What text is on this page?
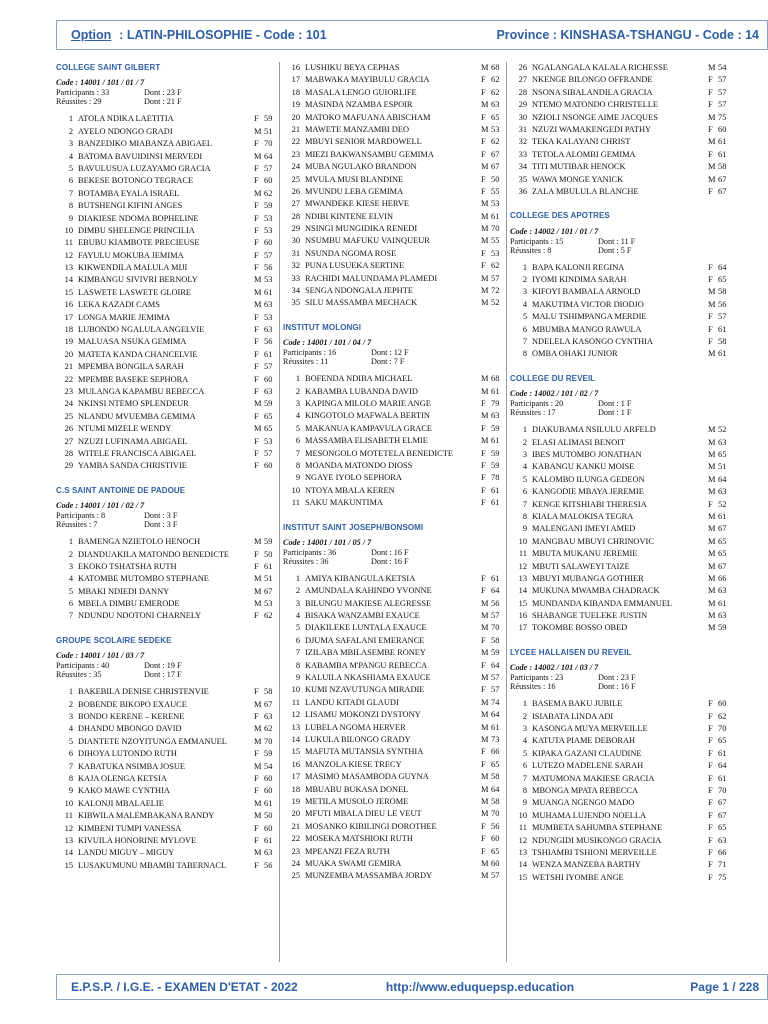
Option : LATIN-PHILOSOPHIE - Code : 101	Province : KINSHASA-TSHANGU - Code : 14
COLLEGE SAINT GILBERT
Code : 14001 / 101 / 01 / 7
Participants : 33	Dont : 23 F
Réussites : 29	Dont : 21 F
1 ATOLA NDIKA LAETITIA	F 59
2 AYELO NDONGO GRADI	M 51
3 BANZEDIKO MIABANZA ABIGAEL	F 70
4 BATOMA BAVUIDINSI MERVEDI	M 64
5 BAVULUSUA LUZAYAMO GRACIA	F 57
6 BEKESE BOTONGO TEGRACE	F 60
7 BOTAMBA EYALA ISRAEL	M 62
8 BUTSHENGI KIFINI ANGES	F 59
9 DIAKIESE NDOMA BOPHELINE	F 53
10 DIMBU SHELENGE PRINCILIA	F 53
11 EBUBU KIAMBOTE PRECIEUSE	F 60
12 FAYULU MOKUBA JEMIMA	F 57
13 KIKWENDILA MALULA MIJI	F 56
14 KIMBANGU SIVIVRI BERNOLY	M 53
15 LASWETE LASWETE GLOIRE	M 61
16 LEKA KAZADI CAMS	M 63
17 LONGA MARIE JEMIMA	F 53
18 LUBONDO NGALULA ANGELVIE	F 63
19 MALUASA NSUKA GEMIMA	F 56
20 MATETA KANDA CHANCELVIE	F 61
21 MPEMBA BONGILA SARAH	F 57
22 MPEMBE BASEKE SEPHORA	F 60
23 MULANGA KAPAMBU REBECCA	F 63
24 NKINSI NTEMO SPLENDEUR	M 59
25 NLANDU MVUEMBA GEMIMA	F 65
26 NTUMI MIZELE WENDY	M 65
27 NZUZI LUFINAMA ABIGAEL	F 53
28 WITELE FRANCISCA ABIGAEL	F 57
29 YAMBA SANDA CHRISTIVIE	F 60
C.S SAINT ANTOINE DE PADOUE
Code : 14001 / 101 / 02 / 7
Participants : 8	Dont : 3 F
Réussites : 7	Dont : 3 F
1 BAMENGA NZIETOLO HENOCH	M 59
2 DIANDUAKILA MATONDO BENEDICTE	F 50
3 EKOKO TSHATSHA RUTH	F 61
4 KATOMBE MUTOMBO STEPHANE	M 51
5 MBAKI NDIEDI DANNY	M 67
6 MBELA DIMBU EMERODE	M 53
7 NDUNDU NDOTONI CHARNELY	F 62
GROUPE SCOLAIRE SEDEKE
Code : 14001 / 101 / 03 / 7
Participants : 40	Dont : 19 F
Réussites : 35	Dont : 17 F
1 BAKEBILA DENISE CHRISTENVIE	F 58
2 BOBENDE BIKOPO EXAUCE	M 67
3 BONDO KERENE – KERENE	F 63
4 DHANDU MBONGO DAVID	M 62
5 DIANTETE NZOYITUNGA EMMANUEL	M 70
6 DIHOYA LUTONDO RUTH	F 59
7 KABATUKA NSIMBA JOSUE	M 54
8 KAJA OLENGA KETSIA	F 60
9 KAKO MAWE CYNTHIA	F 60
10 KALONJI MBALAELIE	M 61
11 KIBWILA MALEMBAKANA RANDY	M 50
12 KIMBENI TUMPI VANESSA	F 60
13 KIVUILA HONORINE MYLOVE	F 61
14 LANDU MIGUY – MIGUY	M 63
15 LUSAKUMUNU MBAMBI TABERNACL	F 56
16 LUSHIKU BEYA CEPHAS	M 68
17 MABWAKA MAYIBULU GRACIA	F 62
18 MASALA LENGO GUIORLIFE	F 62
19 MASINDA NZAMBA ESPOIR	M 63
20 MATOKO MAFUANA ABISCHAM	F 65
21 MAWETE MANZAMBI DEO	M 53
22 MBUYI SENIOR MARDOWELL	F 62
23 MIEZI BAKWANSAMBU GEMIMA	F 67
24 MUBA NGULAKO BRANDON	M 67
25 MVULA MUSI BLANDINE	F 50
26 MVUNDU LEBA GEMIMA	F 55
27 MWANDEKE KIESE HERVE	M 53
28 NDIBI KINTENE ELVIN	M 61
29 NSINGI MUNGIDIKA RENEDI	M 70
30 NSUMBU MAFUKU VAINQUEUR	M 55
31 NSUNDA NGOMA ROSE	F 53
32 PUNA LUSUEKA SERTINE	F 62
33 RACHIDI MALUNDAMA PLAMEDI	M 57
34 SENGA NDONGALA JEPHTE	M 72
35 SILU MASSAMBA MECHACK	M 52
INSTITUT MOLONGI
Code : 14001 / 101 / 04 / 7
Participants : 16	Dont : 12 F
Réussites : 11	Dont : 7 F
1 BOFENDA NDIBA MICHAEL	M 68
2 KABAMBA LUBANDA DAVID	M 61
3 KAPINGA MILOLO MARIE ANGE	F 79
4 KINGOTOLO MAFWALA BERTIN	M 63
5 MAKANUA KAMPAVULA GRACE	F 59
6 MASSAMBA ELISABETH ELMIE	M 61
7 MESONGOLO MOTETELA BENEDICTE	F 59
8 MOANDA MATONDO DIOSS	F 59
9 NGAYE IYOLO SEPHORA	F 78
10 NTOYA MBALA KEREN	F 61
11 SAKU MAKUNTIMA	F 61
INSTITUT SAINT JOSEPH/BONSOMI
Code : 14001 / 101 / 05 / 7
Participants : 36	Dont : 16 F
Réussites : 36	Dont : 16 F
1 AMIYA KIBANGULA KETSIA	F 61
2 AMUNDALA KAHINDO YVONNE	F 64
3 BILUNGU MAKIESE ALEGRESSE	M 56
4 BISAKA WANZAMBI EXAUCE	M 57
5 DIAKILEKE LUNTALA EXAUCE	M 70
6 DJUMA SAFALANI EMERANCE	F 58
7 IZILABA MBILASEMBE RONEY	M 59
8 KABAMBA M'PANGU REBECCA	F 64
9 KALUILA NKASHIAMA EXAUCE	M 57
10 KUMI NZAVUTUNGA MIRADIE	F 57
11 LANDU KITADI GLAUDI	M 74
12 LISAMU MOKONZI DYSTONY	M 64
13 LUBELA NGOMA HERVER	M 61
14 LUKULA BILONGO GRADY	M 73
15 MAFUTA MUTANSIA SYNTHIA	F 66
16 MANZOLA KIESE TRECY	F 65
17 MASIMO MASAMBODA GUYNA	M 58
18 MBUABU BUKASA DONEL	M 64
19 METILA MUSOLO JEROME	M 58
20 MFUTI MBALA DIEU LE VEUT	M 70
21 MOSANKO KIBILINGI DOROTHEE	F 56
22 MOSEKA MATSHIOKI RUTH	F 60
23 MPEANZI FEZA RUTH	F 65
24 MUAKA SWAMI GEMIRA	M 60
25 MUNZEMBA MASSAMBA JORDY	M 57
26 NGALANGALA KALALA RICHESSE	M 54
27 NKENGE BILONGO OFFRANDE	F 57
28 NSONA SIBALANDILA GRACIA	F 57
29 NTEMO MATONDO CHRISTELLE	F 57
30 NZIOLI NSONGE AIME JACQUES	M 75
31 NZUZI WAMAKENGEDI PATHY	F 60
32 TEKA KALAYANI CHRIST	M 61
33 TETOLA ALOMBI GEMIMA	F 61
34 TITI MUTIBAR HENOCK	M 58
35 WAWA MONGE YANICK	M 67
36 ZALA MBULULA BLANCHE	F 67
COLLEGE DES APOTRES
Code : 14002 / 101 / 01 / 7
Participants : 15	Dont : 11 F
Réussites : 8	Dont : 5 F
1 BAPA KALONJI REGINA	F 64
2 IYOMI KINDIMA SARAH	F 65
3 KIFOYI BAMBALA ARNOLD	M 58
4 MAKUTIMA VICTOR DIODJO	M 56
5 MALU TSHIMPANGA MERDIE	F 57
6 MBUMBA MANGO RAWULA	F 61
7 NDELELA KASONGO CYNTHIA	F 58
8 OMBA OHAKI JUNIOR	M 61
COLLEGE DU REVEIL
Code : 14002 / 101 / 02 / 7
Participants : 20	Dont : 1 F
Réussites : 17	Dont : 1 F
1 DIAKUBAMA NSILULU ARFELD	M 52
2 ELASI ALIMASI BENOIT	M 63
3 IBES MUTOMBO JONATHAN	M 65
4 KABANGU KANKU MOISE	M 51
5 KALOMBO ILUNGA GEDEON	M 64
6 KANGODIE MBAYA JEREMIE	M 63
7 KENGE KITSHIABI THERESIA	F 52
8 KIALA MALOKISA TEGRA	M 61
9 MALENGANI IMEYI AMED	M 67
10 MANGBAU MBUYI CHRINOVIC	M 65
11 MBUTA MUKANU JEREMIE	M 65
12 MBUTI SALAWEYI TAIZE	M 67
13 MBUYI MUBANGA GOTHIER	M 66
14 MUKUNA MWAMBA CHADRACK	M 63
15 MUNDANDA KIBANDA EMMANUEL	M 61
16 SHABANGE TUELEKE JUSTIN	M 63
17 TOKOMBE BOSSO OBED	M 59
LYCEE HALLAISEN DU REVEIL
Code : 14002 / 101 / 03 / 7
Participants : 23	Dont : 23 F
Réussites : 16	Dont : 16 F
1 BASEMA BAKU JUBILE	F 60
2 ISIABATA LINDA ADI	F 62
3 KASONGA MUYA MERVEILLE	F 70
4 KATUTA PIAME DEBORAH	F 65
5 KIPAKA GAZANI CLAUDINE	F 61
6 LUTEZO MADELENE SARAH	F 64
7 MATUMONA MAKIESE GRACIA	F 61
8 MBONGA MPATA REBECCA	F 70
9 MUANGA NGENGO MADO	F 67
10 MUHAMA LUJENDO NOELLA	F 67
11 MUMBETA SAHUMBA STEPHANE	F 65
12 NDUNGIDI MUSIKONGO GRACIA	F 63
13 TSHIAMBI TSHIONI MERVEILLE	F 66
14 WENZA MANZEBA BARTHY	F 71
15 WETSHI IYOMBE ANGE	F 75
E.P.S.P. / I.G.E. - EXAMEN D'ETAT - 2022	http://www.eduquepsp.education	Page 1 / 228
